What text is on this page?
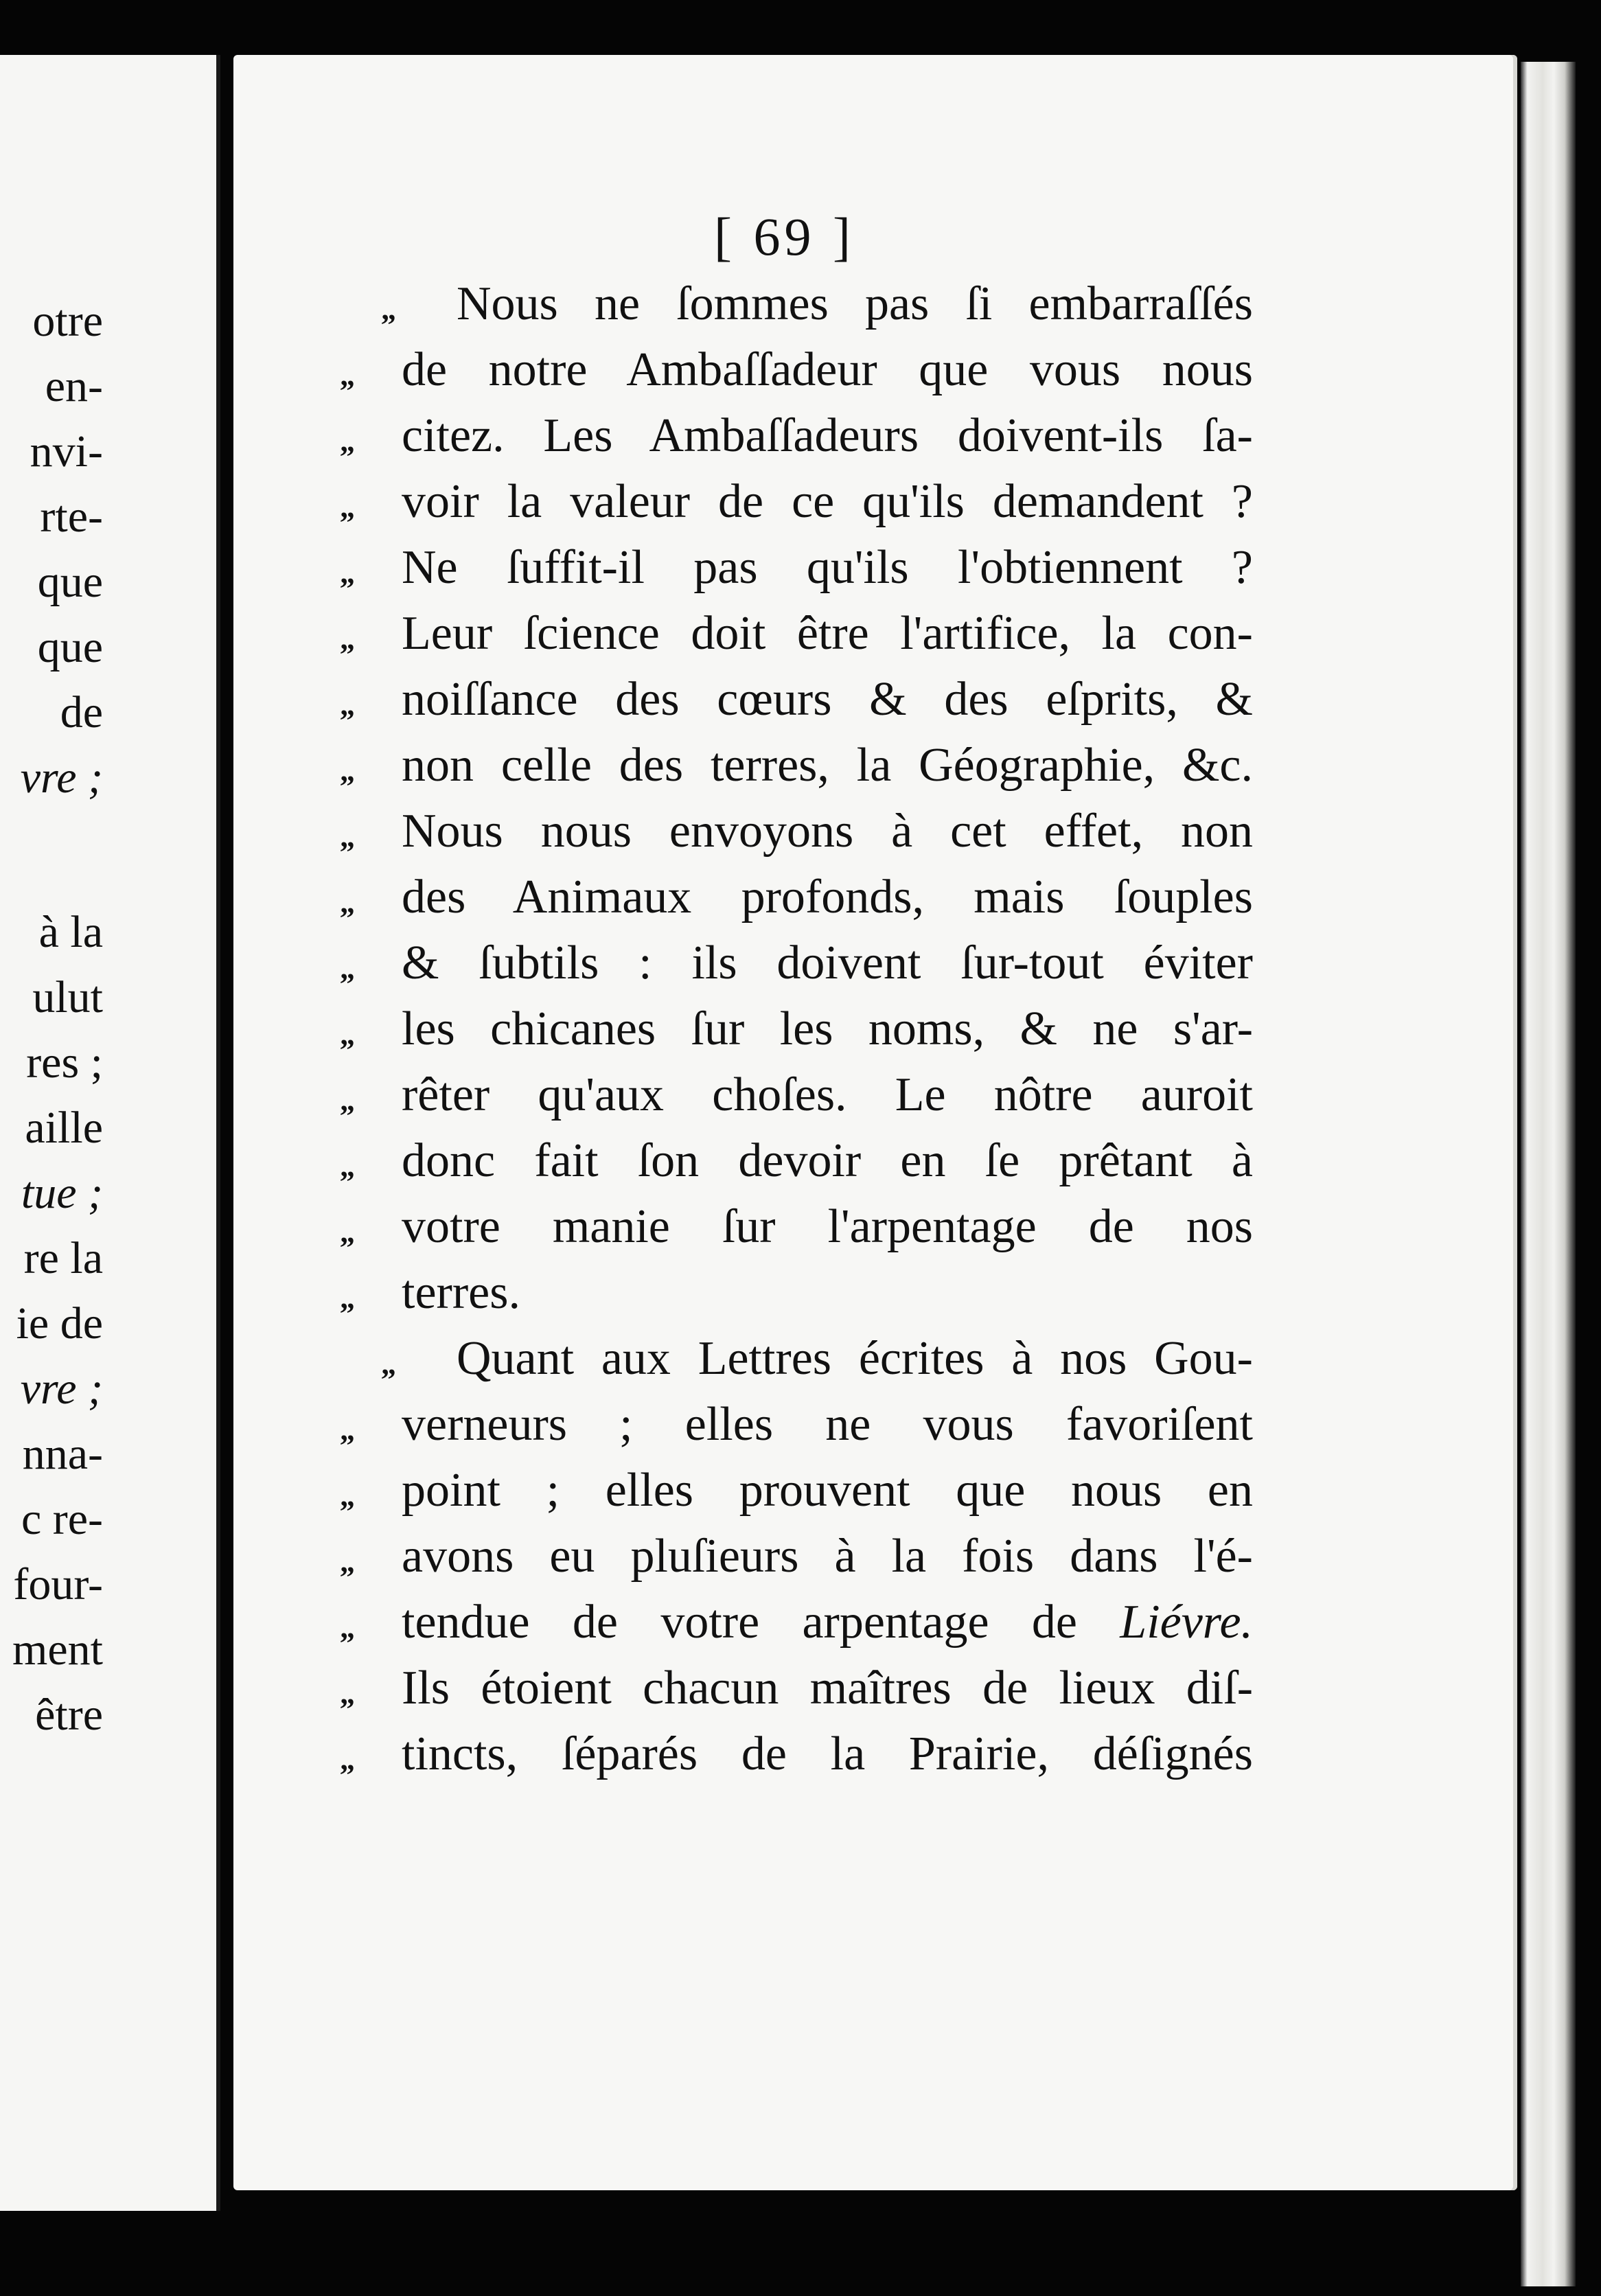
otre
en-
nvi-
rte-
que
que
de
vre ;
à la
ulut
res ;
aille
tue ;
re la
ie de
vre ;
nna-
c re-
four-
ment
être
[ 69 ]
„ Nous ne ſommes pas ſi embarraſſés
„ de notre Ambaſſadeur que vous nous
„ citez. Les Ambaſſadeurs doivent-ils ſa-
„ voir la valeur de ce qu'ils demandent ?
„ Ne ſuffit-il pas qu'ils l'obtiennent ?
„ Leur ſcience doit être l'artifice, la con-
„ noiſſance des cœurs & des eſprits, &
„ non celle des terres, la Géographie, &c.
„ Nous nous envoyons à cet effet, non
„ des Animaux profonds, mais ſouples
„ & ſubtils : ils doivent ſur-tout éviter
„ les chicanes ſur les noms, & ne s'ar-
„ rêter qu'aux choſes. Le nôtre auroit
„ donc fait ſon devoir en ſe prêtant à
„ votre manie ſur l'arpentage de nos
„ terres.
„ Quant aux Lettres écrites à nos Gou-
„ verneurs ; elles ne vous favoriſent
„ point ; elles prouvent que nous en
„ avons eu pluſieurs à la fois dans l'é-
„ tendue de votre arpentage de Liévre.
„ Ils étoient chacun maîtres de lieux diſ-
„ tincts, ſéparés de la Prairie, déſignés
